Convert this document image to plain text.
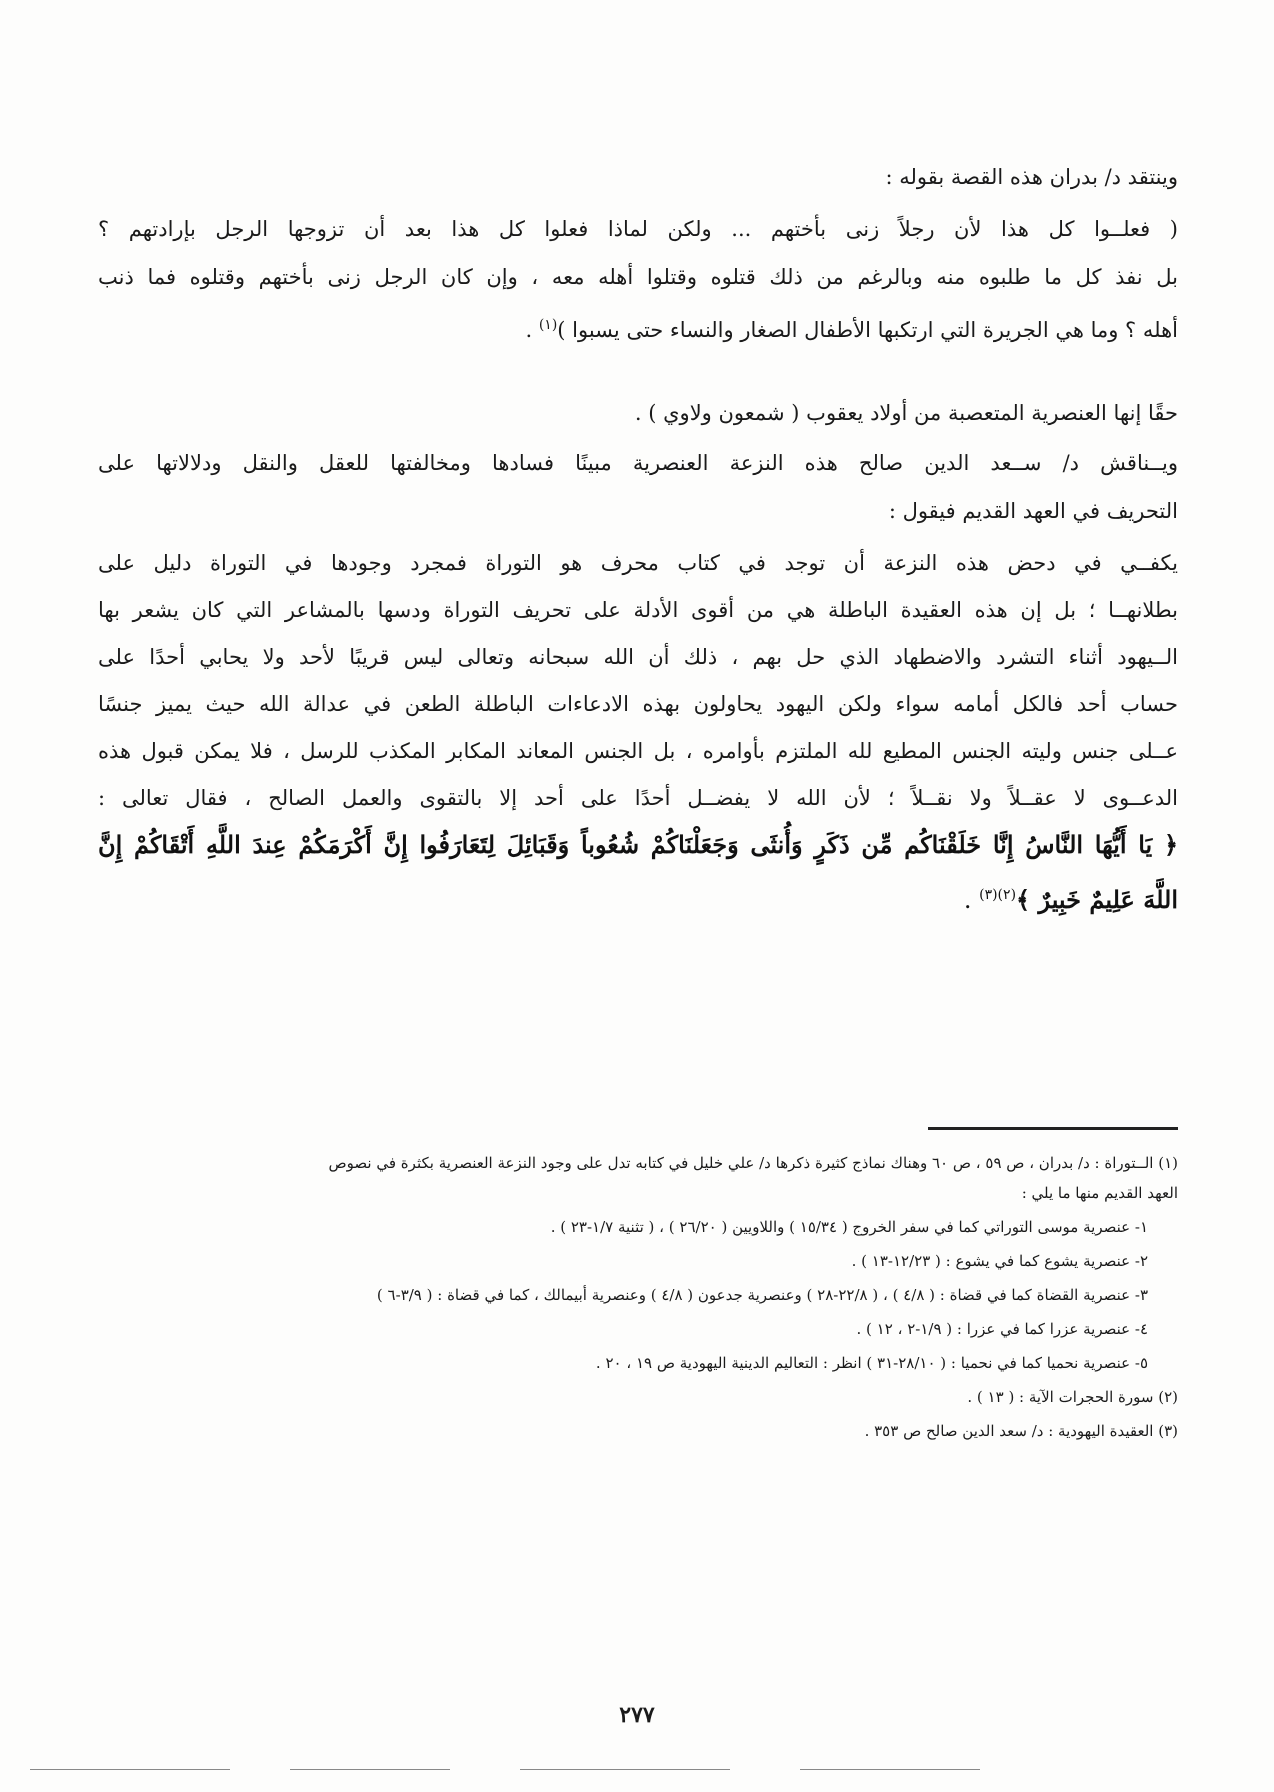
وينتقد د/ بدران هذه القصة بقوله :
( فعلــوا كل هذا لأن رجلاً زنى بأختهم ... ولكن لماذا فعلوا كل هذا بعد أن تزوجها الرجل بإرادتهم ؟
بل نفذ كل ما طلبوه منه وبالرغم من ذلك قتلوه وقتلوا أهله معه ، وإن كان الرجل زنى بأختهم وقتلوه فما ذنب
أهله ؟ وما هي الجريرة التي ارتكبها الأطفال الصغار والنساء حتى يسبوا )$^{(١)}$ .
حقًا إنها العنصرية المتعصبة من أولاد يعقوب ( شمعون ولاوي ) .
ويــناقش د/ ســعد الدين صالح هذه النزعة العنصرية مبينًا فسادها ومخالفتها للعقل والنقل ودلالاتها على
التحريف في العهد القديم فيقول :
يكفــي في دحض هذه النزعة أن توجد في كتاب محرف هو التوراة فمجرد وجودها في التوراة دليل على
بطلانهــا ؛ بل إن هذه العقيدة الباطلة هي من أقوى الأدلة على تحريف التوراة ودسها بالمشاعر التي كان يشعر بها
الــيهود أثناء التشرد والاضطهاد الذي حل بهم ، ذلك أن الله سبحانه وتعالى ليس قريبًا لأحد ولا يحابي أحدًا على
حساب أحد فالكل أمامه سواء ولكن اليهود يحاولون بهذه الادعاءات الباطلة الطعن في عدالة الله حيث يميز جنسًا
عــلى جنس وليته الجنس المطيع لله الملتزم بأوامره ، بل الجنس المعاند المكابر المكذب للرسل ، فلا يمكن قبول هذه
الدعــوى لا عقــلاً ولا نقــلاً ؛ لأن الله لا يفضــل أحدًا على أحد إلا بالتقوى والعمل الصالح ، فقال تعالى :
﴿ يَا أَيُّهَا النَّاسُ إِنَّا خَلَقْنَاكُم مِّن ذَكَرٍ وَأُنثَى وَجَعَلْنَاكُمْ شُعُوباً وَقَبَائِلَ لِتَعَارَفُوا إِنَّ أَكْرَمَكُمْ عِندَ اللَّهِ أَتْقَاكُمْ إِنَّ
اللَّهَ عَلِيمٌ خَبِيرٌ ﴾$^{(٢)(٣)}$ .
(١) الــتوراة : د/ بدران ، ص ٥٩ ، ص ٦٠ وهناك نماذج كثيرة ذكرها د/ علي خليل في كتابه تدل على وجود النزعة العنصرية بكثرة في نصوص
العهد القديم منها ما يلي :
١- عنصرية موسى التوراتي كما في سفر الخروج ( ١٥/٣٤ ) واللاويين ( ٢٦/٢٠ ) ، ( تثنية ١/٧-٢٣ ) .
٢- عنصرية يشوع كما في يشوع : ( ١٢/٢٣-١٣ ) .
٣- عنصرية القضاة كما في قضاة : ( ٤/٨ ) ، ( ٢٢/٨-٢٨ ) وعنصرية جدعون ( ٤/٨ ) وعنصرية أبيمالك ، كما في قضاة : ( ٣/٩-٦ )
٤- عنصرية عزرا كما في عزرا : ( ١/٩-٢ ، ١٢ ) .
٥- عنصرية نحميا كما في نحميا : ( ٢٨/١٠-٣١ ) انظر : التعاليم الدينية اليهودية ص ١٩ ، ٢٠ .
(٢) سورة الحجرات الآية : ( ١٣ ) .
(٣) العقيدة اليهودية : د/ سعد الدين صالح ص ٣٥٣ .
٢٧٧
